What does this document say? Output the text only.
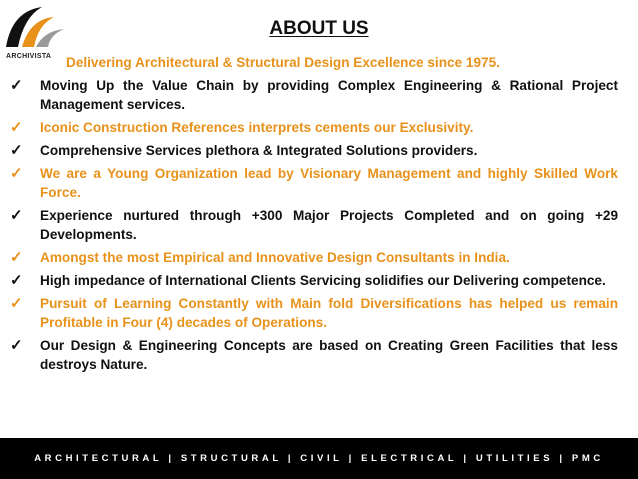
ARCHIVISTA
ABOUT US
Delivering Architectural & Structural Design Excellence since 1975.
✓	Moving Up the Value Chain by providing Complex Engineering & Rational Project Management services.
✓	Iconic Construction References interprets cements our Exclusivity.
✓	Comprehensive Services plethora & Integrated Solutions providers.
✓	We are a Young Organization lead by Visionary Management and highly Skilled Work Force.
✓	Experience nurtured through +300 Major Projects Completed and on going +29 Developments.
✓	Amongst the most Empirical and Innovative Design Consultants in India.
✓	High impedance of International Clients Servicing solidifies our Delivering competence.
✓	Pursuit of Learning Constantly with Main fold Diversifications has helped us remain Profitable in Four (4) decades of Operations.
✓	Our Design & Engineering Concepts are based on Creating Green Facilities that less destroys Nature.
ARCHITECTURAL | STRUCTURAL | CIVIL | ELECTRICAL | UTILITIES | PMC
